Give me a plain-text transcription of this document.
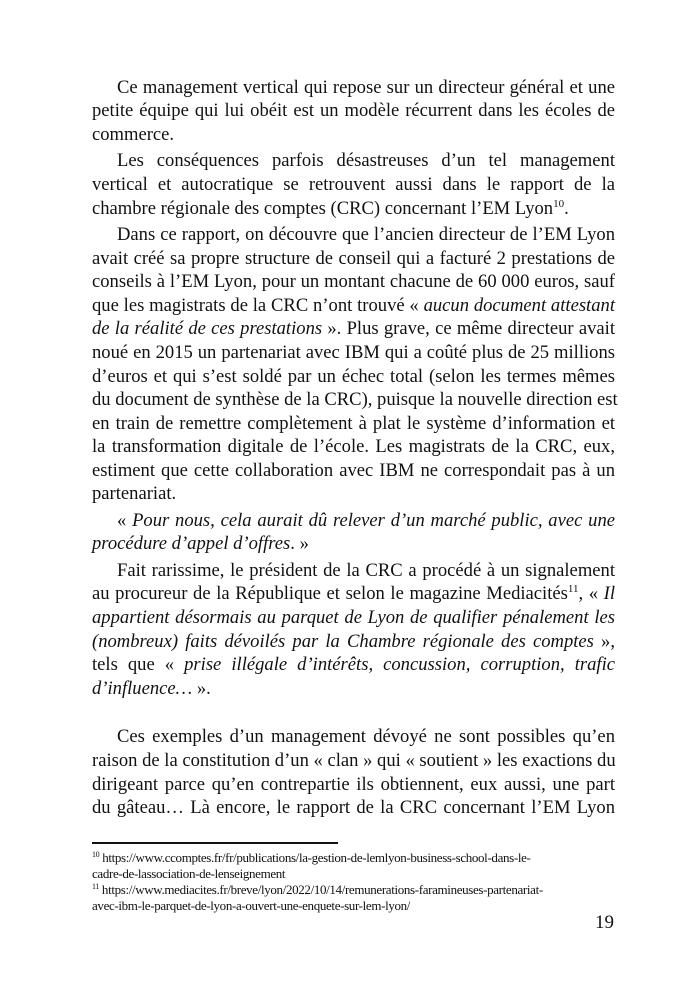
Ce management vertical qui repose sur un directeur général et une
petite équipe qui lui obéit est un modèle récurrent dans les écoles de
commerce.
Les conséquences parfois désastreuses d’un tel management
vertical et autocratique se retrouvent aussi dans le rapport de la
chambre régionale des comptes (CRC) concernant l’EM Lyon$^{10}$.
Dans ce rapport, on découvre que l’ancien directeur de l’EM Lyon
avait créé sa propre structure de conseil qui a facturé 2 prestations de
conseils à l’EM Lyon, pour un montant chacune de 60 000 euros, sauf
que les magistrats de la CRC n’ont trouvé « aucun document attestant
de la réalité de ces prestations ». Plus grave, ce même directeur avait
noué en 2015 un partenariat avec IBM qui a coûté plus de 25 millions
d’euros et qui s’est soldé par un échec total (selon les termes mêmes
du document de synthèse de la CRC), puisque la nouvelle direction est
en train de remettre complètement à plat le système d’information et
la transformation digitale de l’école. Les magistrats de la CRC, eux,
estiment que cette collaboration avec IBM ne correspondait pas à un
partenariat.
« Pour nous, cela aurait dû relever d’un marché public, avec une
procédure d’appel d’offres. »
Fait rarissime, le président de la CRC a procédé à un signalement
au procureur de la République et selon le magazine Mediacités$^{11}$, « Il
appartient désormais au parquet de Lyon de qualifier pénalement les
(nombreux) faits dévoilés par la Chambre régionale des comptes »,
tels que « prise illégale d’intérêts, concussion, corruption, trafic
d’influence… ».
Ces exemples d’un management dévoyé ne sont possibles qu’en
raison de la constitution d’un « clan » qui « soutient » les exactions du
dirigeant parce qu’en contrepartie ils obtiennent, eux aussi, une part
du gâteau… Là encore, le rapport de la CRC concernant l’EM Lyon
$^{10}$ https://www.ccomptes.fr/fr/publications/la-gestion-de-lemlyon-business-school-dans-le-
cadre-de-lassociation-de-lenseignement
$^{11}$ https://www.mediacites.fr/breve/lyon/2022/10/14/remunerations-faramineuses-partenariat-
avec-ibm-le-parquet-de-lyon-a-ouvert-une-enquete-sur-lem-lyon/
19
